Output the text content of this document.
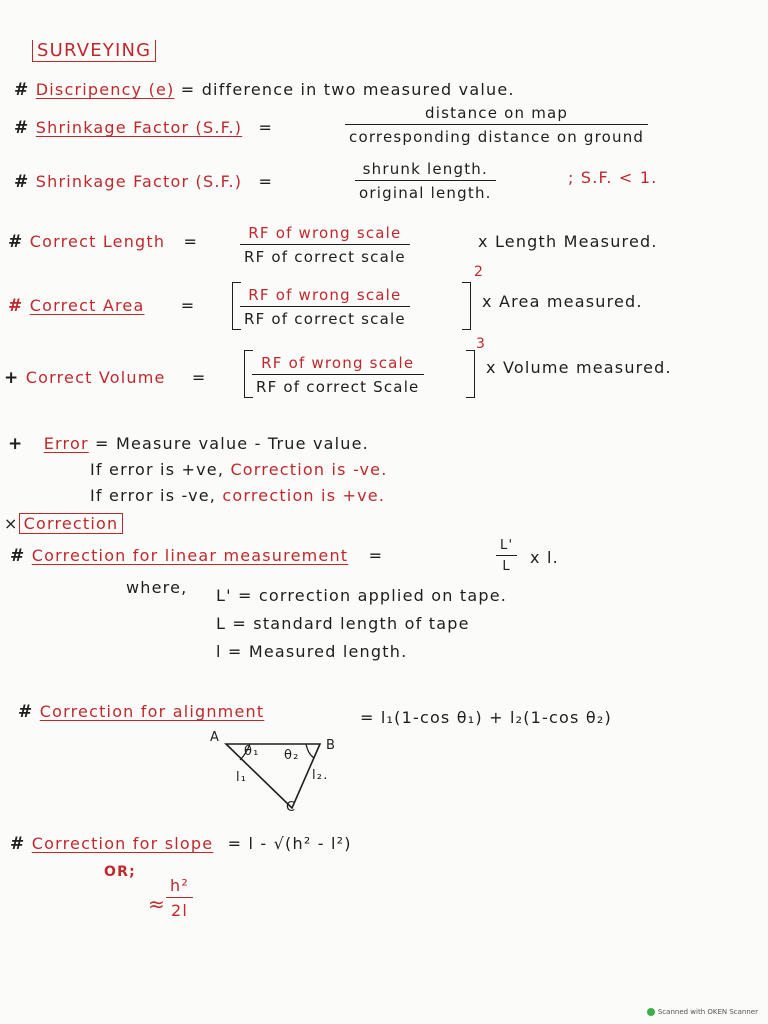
SURVEYING
# Discripency (e) = difference in two measured value.
# Shrinkage Factor (S.F.) =
distance on map
corresponding distance on ground
# Shrinkage Factor (S.F.) =
shrunk length.
original length.
; S.F. < 1.
# Correct Length =	RF of wrong scale
RF of correct scale
x Length Measured.
# Correct Area =
RF of wrong scale
RF of correct scale
2
x Area measured.
+ Correct Volume =
RF of wrong scale
RF of correct Scale
3
x Volume measured.
+ Error = Measure value - True value.
If error is +ve, Correction is -ve.
If error is -ve, correction is +ve.
× Correction
# Correction for linear measurement =	$\frac{L'}{L}$ x l.
where, L' = correction applied on tape.
L = standard length of tape
l = Measured length.
# Correction for alignment	= l₁(1-cos θ₁) + l₂(1-cos θ₂)
A
B
C
θ₁ θ₂
l₁	l₂.
# Correction for slope = l - √(h² - l²)
OR;
≈ $\frac{\text{h²}}{2l}$
Scanned with OKEN Scanner
